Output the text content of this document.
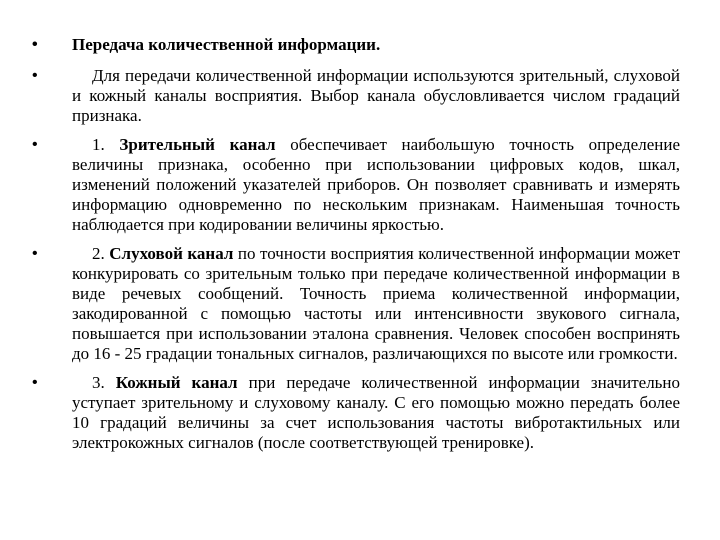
• Передача количественной информации.
• Для передачи количественной информации используются зрительный, слуховой и кожный каналы восприятия. Выбор канала обусловливается числом градаций признака.
• 1. Зрительный канал обеспечивает наибольшую точность определение величины признака, особенно при использовании цифровых кодов, шкал, изменений положений указателей приборов. Он позволяет сравнивать и измерять информацию одновременно по нескольким признакам. Наименьшая точность наблюдается при кодировании величины яркостью.
• 2. Слуховой канал по точности восприятия количественной информации может конкурировать со зрительным только при передаче количественной информации в виде речевых сообщений. Точность приема количественной информации, закодированной с помощью частоты или интенсивности звукового сигнала, повышается при использовании эталона сравнения. Человек способен воспринять до 16 - 25 градации тональных сигналов, различающихся по высоте или громкости.
• 3. Кожный канал при передаче количественной информации значительно уступает зрительному и слуховому каналу. С его помощью можно передать более 10 градаций величины за счет использования частоты вибротактильных или электрокожных сигналов (после соответствующей тренировке).
